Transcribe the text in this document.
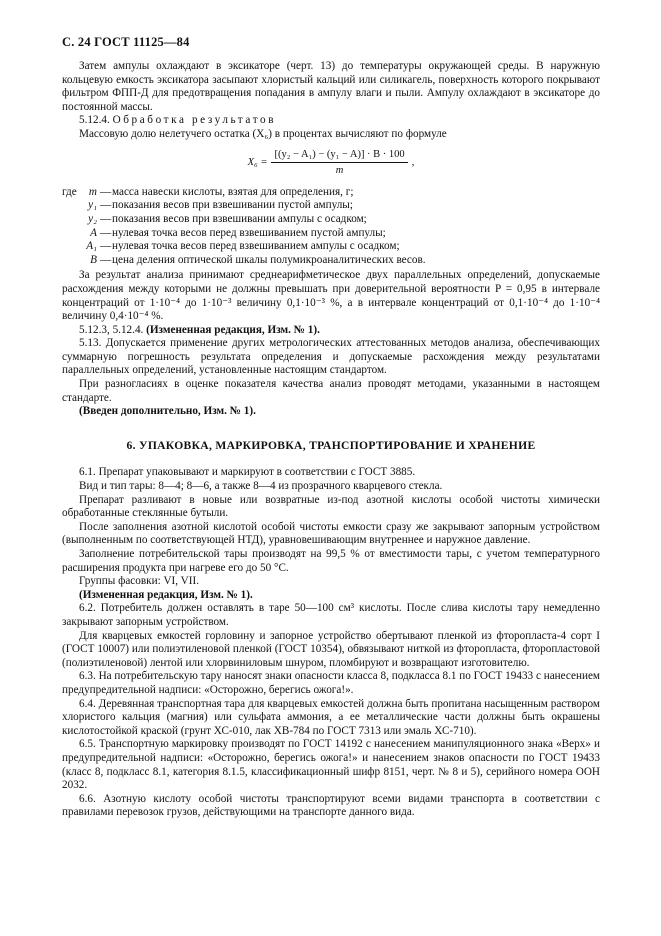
С. 24 ГОСТ 11125—84

Затем ампулы охлаждают в эксикаторе (черт. 13) до температуры окружающей среды. В наружную кольцевую емкость эксикатора засыпают хлористый кальций или силикагель, поверхность которого покрывают фильтром ФПП-Д для предотвращения попадания в ампулу влаги и пыли. Ампулу охлаждают в эксикаторе до постоянной массы.

5.12.4. Обработка результатов

Массовую долю нелетучего остатка (X₆) в процентах вычисляют по формуле

$X_6 = \frac{\text{[(y₂ − A₁) − (y₁ − A)] · B · 100}}{m}$ ,
где	m — масса навески кислоты, взятая для определения, г;
y₁ — показания весов при взвешивании пустой ампулы;
y₂ — показания весов при взвешивании ампулы с осадком;
A — нулевая точка весов перед взвешиванием пустой ампулы;
A₁ — нулевая точка весов перед взвешиванием ампулы с осадком;
B — цена деления оптической шкалы полумикроаналитических весов.

За результат анализа принимают среднеарифметическое двух параллельных определений, допускаемые расхождения между которыми не должны превышать при доверительной вероятности P = 0,95 в интервале концентраций от 1·10⁻⁴ до 1·10⁻³ величину 0,1·10⁻³ %, а в интервале концентраций от 0,1·10⁻⁴ до 1·10⁻⁴ величину 0,4·10⁻⁴ %.

5.12.3, 5.12.4. (Измененная редакция, Изм. № 1).

5.13. Допускается применение других метрологических аттестованных методов анализа, обеспечивающих суммарную погрешность результата определения и допускаемые расхождения между результатами параллельных определений, установленные настоящим стандартом.

При разногласиях в оценке показателя качества анализ проводят методами, указанными в настоящем стандарте.

(Введен дополнительно, Изм. № 1).

6. УПАКОВКА, МАРКИРОВКА, ТРАНСПОРТИРОВАНИЕ И ХРАНЕНИЕ

6.1. Препарат упаковывают и маркируют в соответствии с ГОСТ 3885.

Вид и тип тары: 8—4; 8—6, а также 8—4 из прозрачного кварцевого стекла.

Препарат разливают в новые или возвратные из-под азотной кислоты особой чистоты химически обработанные стеклянные бутыли.

После заполнения азотной кислотой особой чистоты емкости сразу же закрывают запорным устройством (выполненным по соответствующей НТД), уравновешивающим внутреннее и наружное давление.

Заполнение потребительской тары производят на 99,5 % от вместимости тары, с учетом температурного расширения продукта при нагреве его до 50 °С.

Группы фасовки: VI, VII.

(Измененная редакция, Изм. № 1).

6.2. Потребитель должен оставлять в таре 50—100 см³ кислоты. После слива кислоты тару немедленно закрывают запорным устройством.

Для кварцевых емкостей горловину и запорное устройство обертывают пленкой из фторопласта-4 сорт I (ГОСТ 10007) или полиэтиленовой пленкой (ГОСТ 10354), обвязывают ниткой из фторопласта, фторопластовой (полиэтиленовой) лентой или хлорвиниловым шнуром, пломбируют и возвращают изготовителю.

6.3. На потребительскую тару наносят знаки опасности класса 8, подкласса 8.1 по ГОСТ 19433 с нанесением предупредительной надписи: «Осторожно, берегись ожога!».

6.4. Деревянная транспортная тара для кварцевых емкостей должна быть пропитана насыщенным раствором хлористого кальция (магния) или сульфата аммония, а ее металлические части должны быть окрашены кислотостойкой краской (грунт ХС-010, лак ХВ-784 по ГОСТ 7313 или эмаль ХС-710).

6.5. Транспортную маркировку производят по ГОСТ 14192 с нанесением манипуляционного знака «Верх» и предупредительной надписи: «Осторожно, берегись ожога!» и нанесением знаков опасности по ГОСТ 19433 (класс 8, подкласс 8.1, категория 8.1.5, классификационный шифр 8151, черт. № 8 и 5), серийного номера ООН 2032.

6.6. Азотную кислоту особой чистоты транспортируют всеми видами транспорта в соответствии с правилами перевозок грузов, действующими на транспорте данного вида.
